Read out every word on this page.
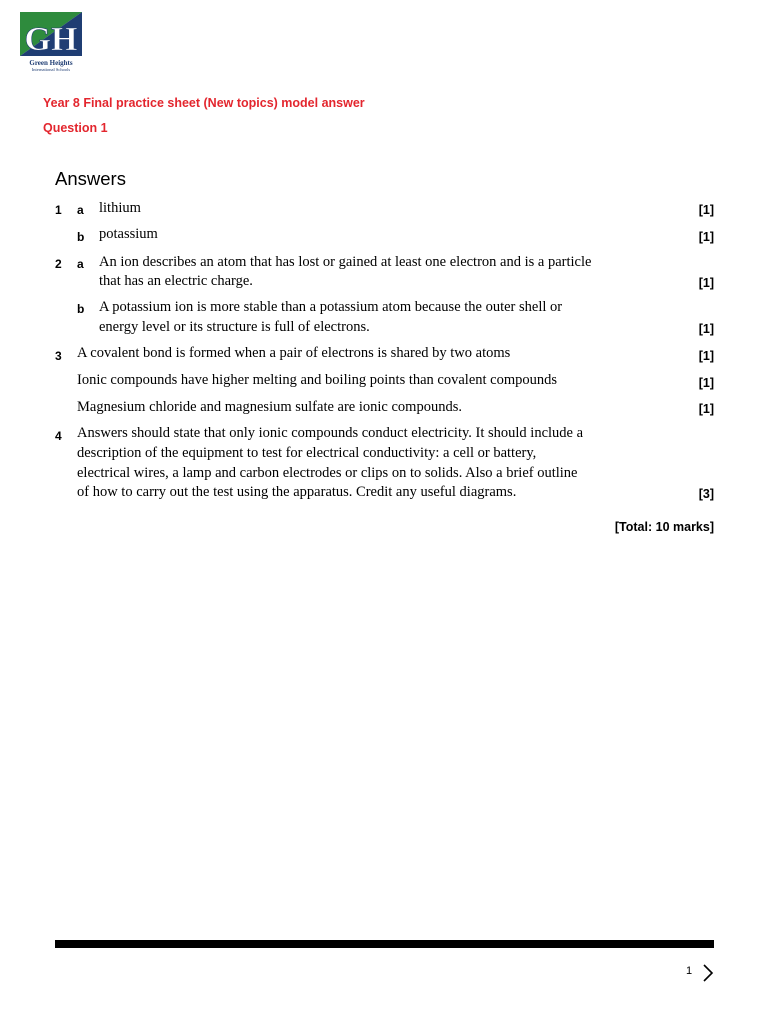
GH
Green Heights
International Schools
Year 8 Final practice sheet (New topics) model answer
Question 1
Answers
1 a lithium	[1]
b potassium	[1]
2 a An ion describes an atom that has lost or gained at least one electron and is a particle
that has an electric charge.	[1]
b A potassium ion is more stable than a potassium atom because the outer shell or
energy level or its structure is full of electrons.	[1]
3 A covalent bond is formed when a pair of electrons is shared by two atoms	[1]
Ionic compounds have higher melting and boiling points than covalent compounds	[1]
Magnesium chloride and magnesium sulfate are ionic compounds.	[1]
4 Answers should state that only ionic compounds conduct electricity. It should include a
description of the equipment to test for electrical conductivity: a cell or battery,
electrical wires, a lamp and carbon electrodes or clips on to solids. Also a brief outline
of how to carry out the test using the apparatus. Credit any useful diagrams.	[3]
[Total: 10 marks]
1
